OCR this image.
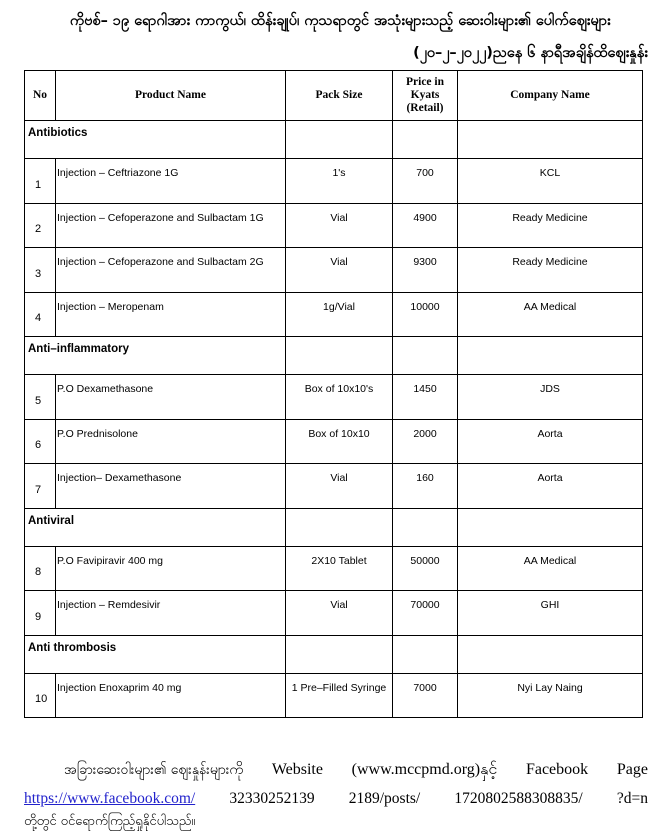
ကိုဗစ်– ၁၉ ရောဂါအား ကာကွယ်၊ ထိန်းချုပ်၊ ကုသရာတွင် အသုံးများသည့် ဆေးဝါးများ၏ ပေါက်ဈေးများ
(၂၀–၂–၂၀၂၂)ညနေ ၆ နာရီအချိန်ထိဈေးနှုန်း
No	Product Name	Pack Size	Price in Kyats (Retail)	Company Name
Antibiotics				
1	Injection – Ceftriazone 1G	1's	700	KCL
2	Injection – Cefoperazone and Sulbactam 1G	Vial	4900	Ready Medicine
3	Injection – Cefoperazone and Sulbactam 2G	Vial	9300	Ready Medicine
4	Injection – Meropenam	1g/Vial	10000	AA Medical
Anti–inflammatory				
5	P.O Dexamethasone	Box of 10x10's	1450	JDS
6	P.O Prednisolone	Box of 10x10	2000	Aorta
7	Injection– Dexamethasone	Vial	160	Aorta
Antiviral				
8	P.O Favipiravir 400 mg	2X10 Tablet	50000	AA Medical
9	Injection – Remdesivir	Vial	70000	GHI
Anti thrombosis				
10	Injection Enoxaprim 40 mg	1 Pre–Filled Syringe	7000	Nyi Lay Naing
အခြားဆေးဝါးများ၏ ဈေးနှုန်းများကို Website (www.mccpmd.org)နှင့် Facebook Page
https://www.facebook.com/ 32330252139 2189/posts/ 1720802588308835/ ?d=n
တို့တွင် ဝင်ရောက်ကြည့်ရှုနိုင်ပါသည်။
